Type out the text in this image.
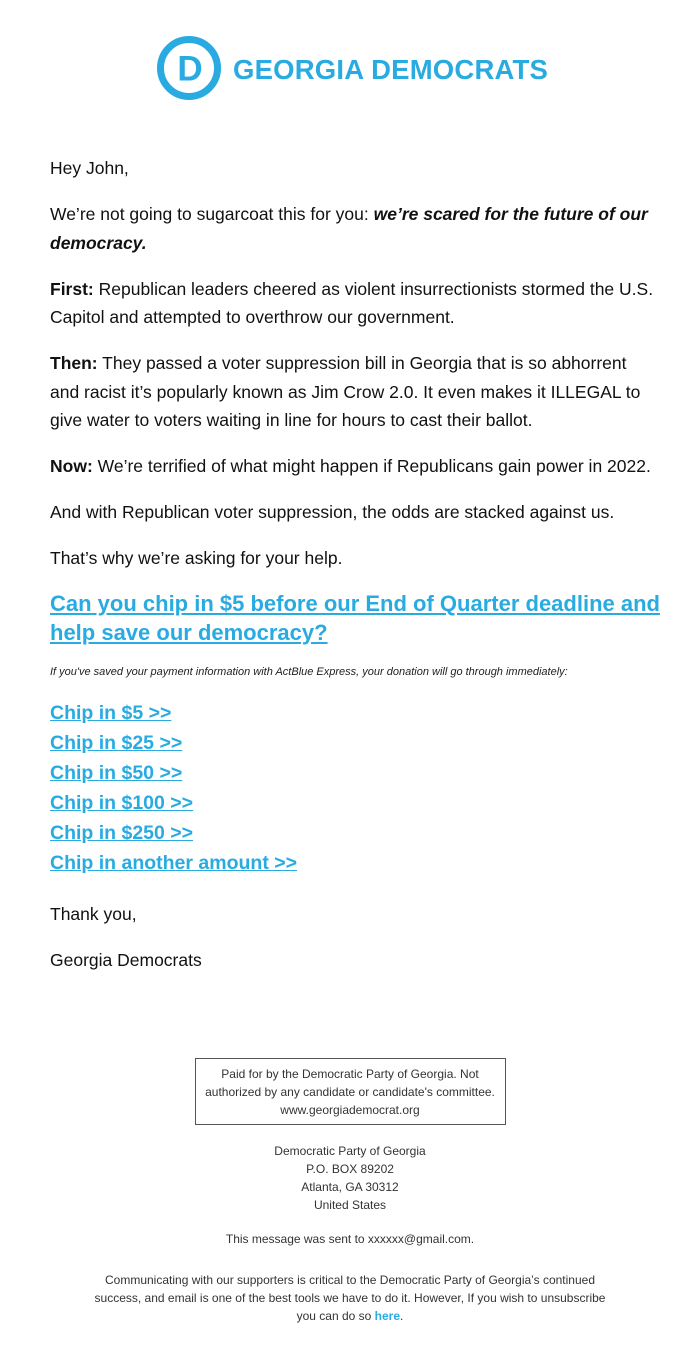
D GEORGIA DEMOCRATS

Hey John,

We’re not going to sugarcoat this for you: we’re scared for the future of our democracy.

First: Republican leaders cheered as violent insurrectionists stormed the U.S. Capitol and attempted to overthrow our government.

Then: They passed a voter suppression bill in Georgia that is so abhorrent and racist it’s popularly known as Jim Crow 2.0. It even makes it ILLEGAL to give water to voters waiting in line for hours to cast their ballot.

Now: We’re terrified of what might happen if Republicans gain power in 2022.

And with Republican voter suppression, the odds are stacked against us.

That’s why we’re asking for your help.

Can you chip in $5 before our End of Quarter deadline and help save our democracy?

If you've saved your payment information with ActBlue Express, your donation will go through immediately:

Chip in $5 >>
Chip in $25 >>
Chip in $50 >>
Chip in $100 >>
Chip in $250 >>
Chip in another amount >>

Thank you,

Georgia Democrats

Paid for by the Democratic Party of Georgia. Not authorized by any candidate or candidate's committee.
www.georgiademocrat.org
Democratic Party of Georgia
P.O. BOX 89202
Atlanta, GA 30312
United States
This message was sent to xxxxxx@gmail.com.
Communicating with our supporters is critical to the Democratic Party of Georgia’s continued success, and email is one of the best tools we have to do it. However, If you wish to unsubscribe you can do so here.
